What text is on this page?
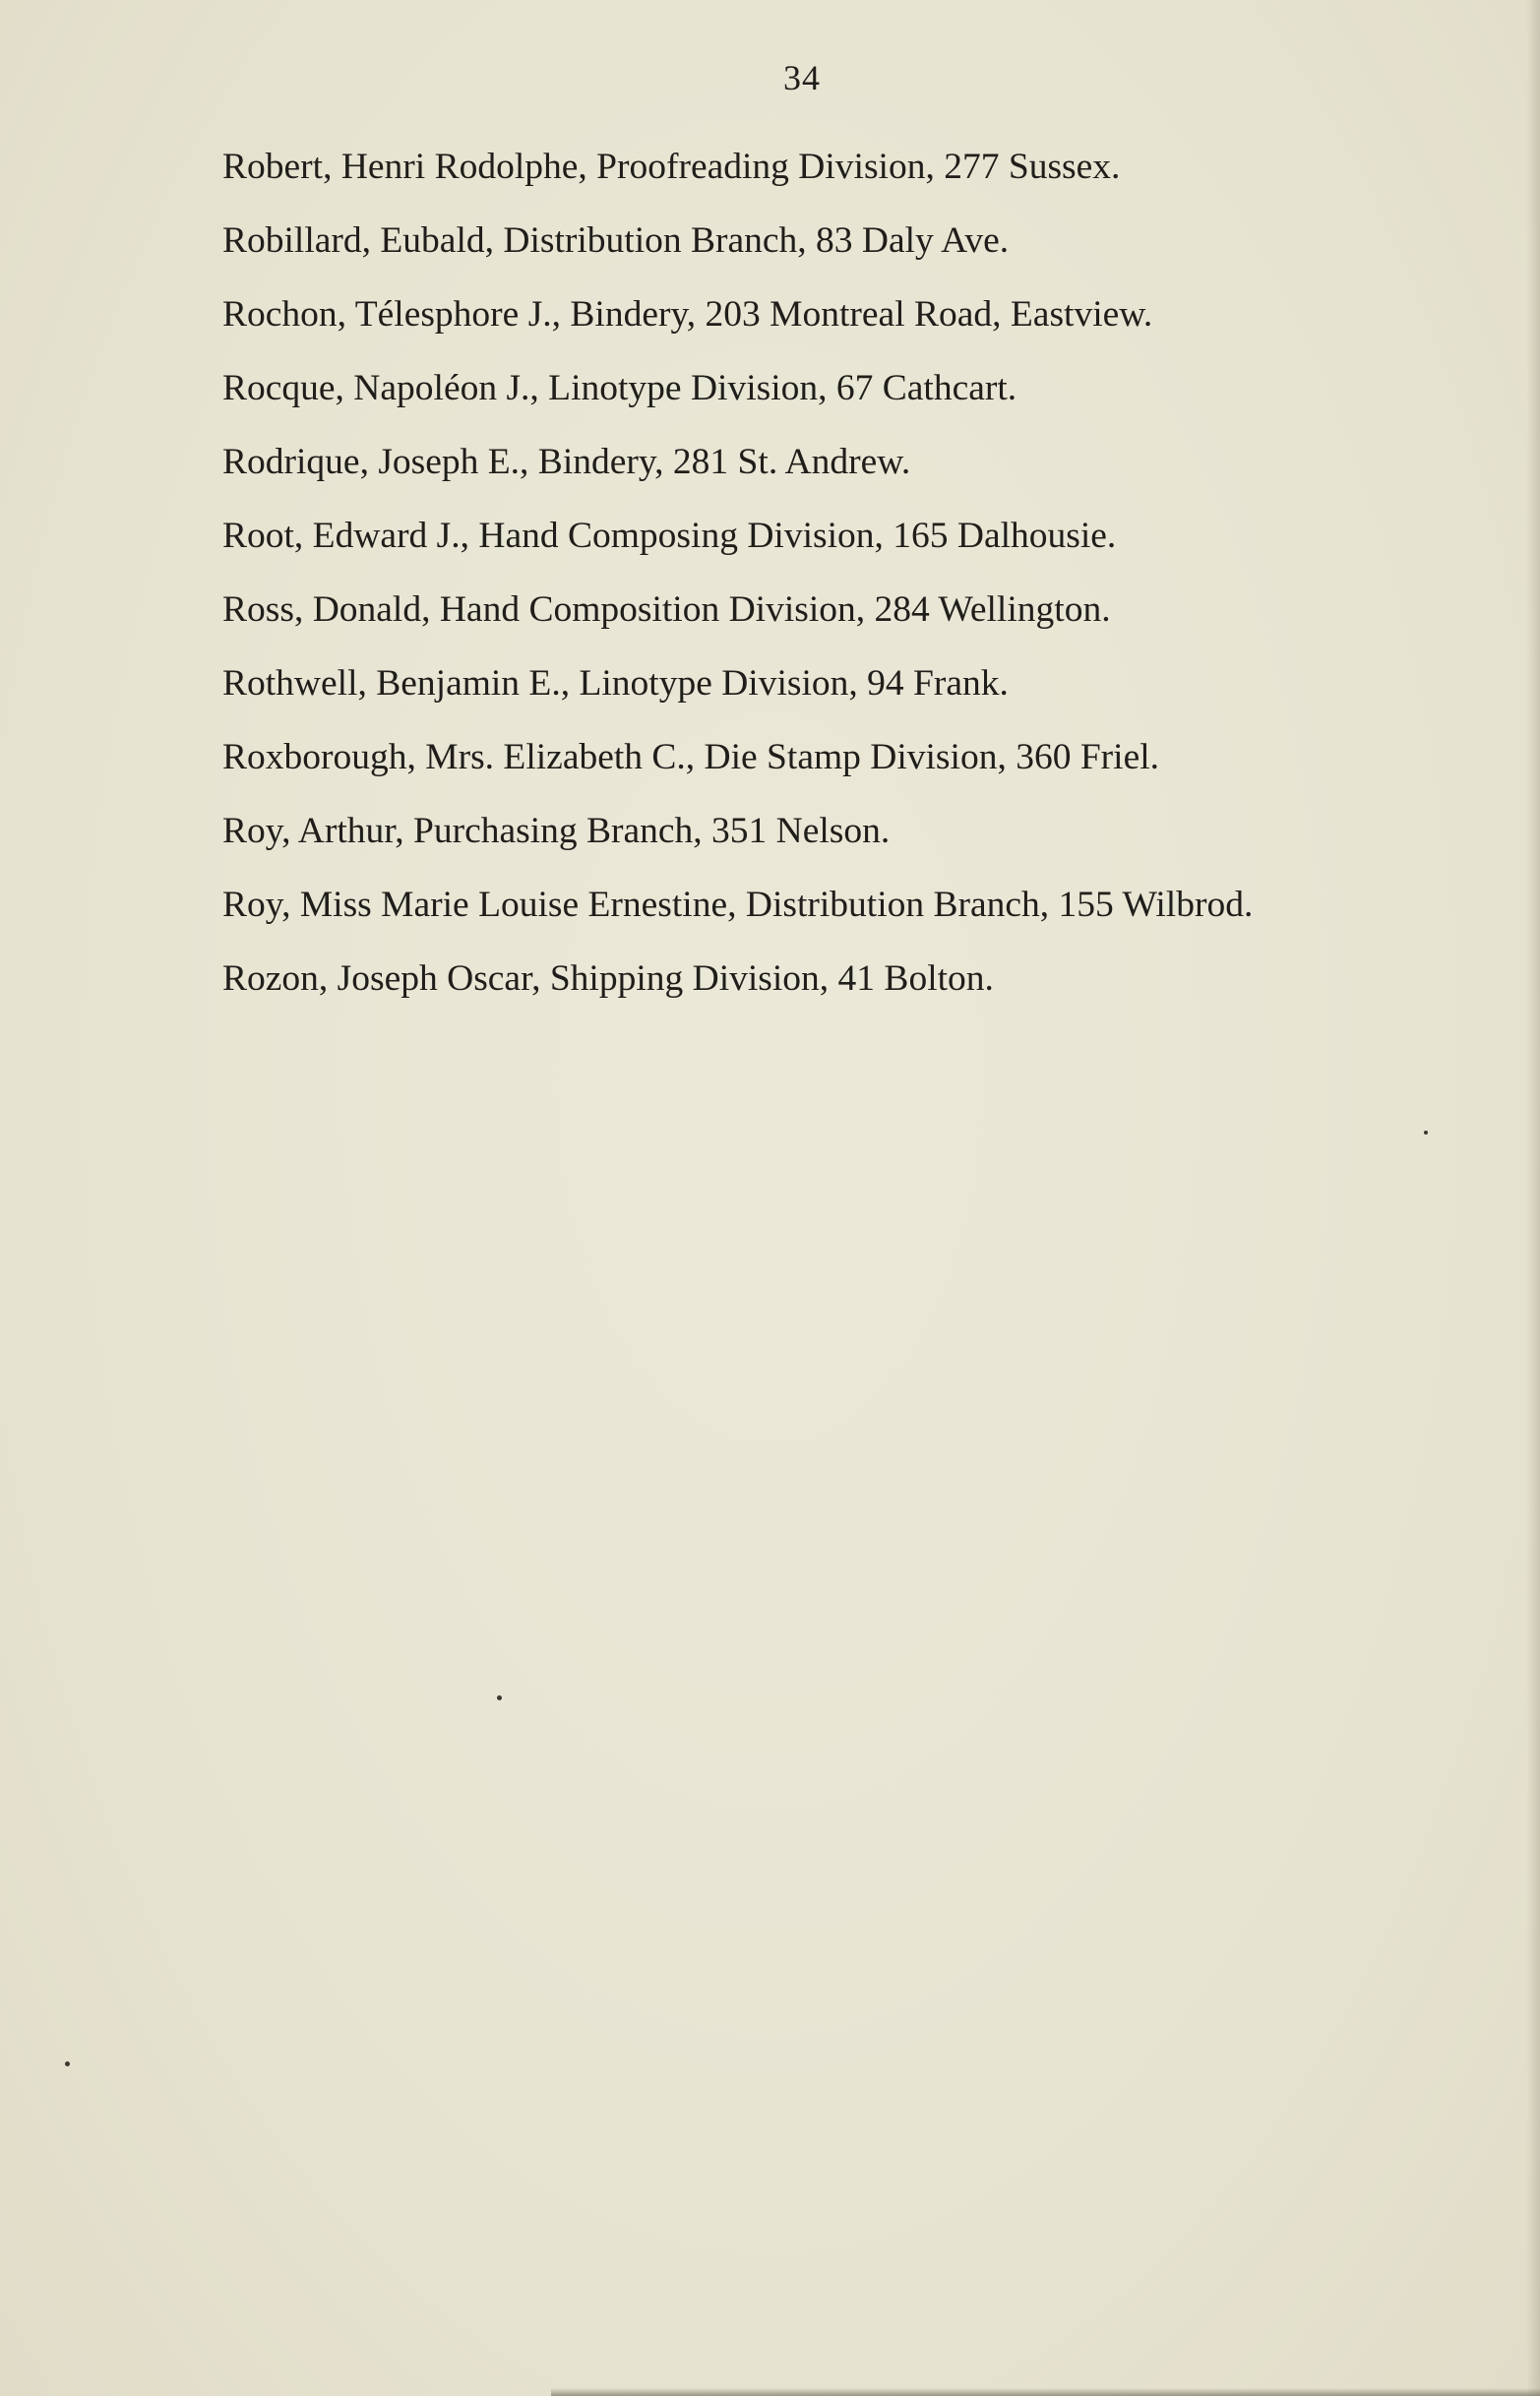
34
Robert, Henri Rodolphe, Proofreading Division, 277 Sussex.
Robillard, Eubald, Distribution Branch, 83 Daly Ave.
Rochon, Télesphore J., Bindery, 203 Montreal Road, Eastview.
Rocque, Napoléon J., Linotype Division, 67 Cathcart.
Rodrique, Joseph E., Bindery, 281 St. Andrew.
Root, Edward J., Hand Composing Division, 165 Dalhousie.
Ross, Donald, Hand Composition Division, 284 Wellington.
Rothwell, Benjamin E., Linotype Division, 94 Frank.
Roxborough, Mrs. Elizabeth C., Die Stamp Division, 360 Friel.
Roy, Arthur, Purchasing Branch, 351 Nelson.
Roy, Miss Marie Louise Ernestine, Distribution Branch, 155 Wilbrod.
Rozon, Joseph Oscar, Shipping Division, 41 Bolton.
